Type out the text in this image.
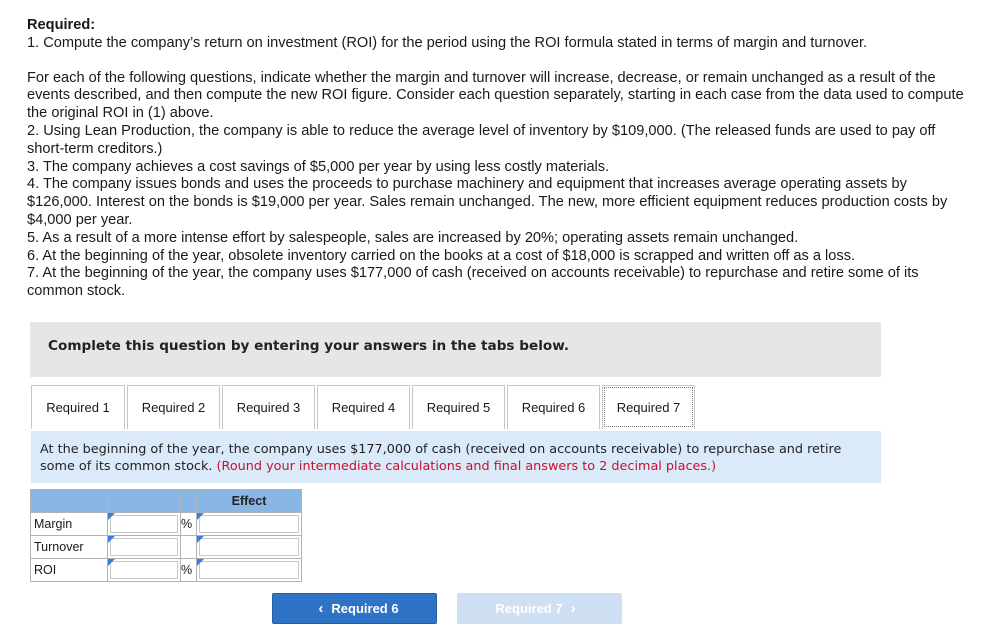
Required:

1. Compute the company’s return on investment (ROI) for the period using the ROI formula stated in terms of margin and turnover.

For each of the following questions, indicate whether the margin and turnover will increase, decrease, or remain unchanged as a result of the events described, and then compute the new ROI figure. Consider each question separately, starting in each case from the data used to compute the original ROI in (1) above.

2. Using Lean Production, the company is able to reduce the average level of inventory by $109,000. (The released funds are used to pay off short-term creditors.)

3. The company achieves a cost savings of $5,000 per year by using less costly materials.

4. The company issues bonds and uses the proceeds to purchase machinery and equipment that increases average operating assets by $126,000. Interest on the bonds is $19,000 per year. Sales remain unchanged. The new, more efficient equipment reduces production costs by $4,000 per year.

5. As a result of a more intense effort by salespeople, sales are increased by 20%; operating assets remain unchanged.

6. At the beginning of the year, obsolete inventory carried on the books at a cost of $18,000 is scrapped and written off as a loss.

7. At the beginning of the year, the company uses $177,000 of cash (received on accounts receivable) to repurchase and retire some of its common stock.

Complete this question by entering your answers in the tabs below.
Required 1	Required 2	Required 3	Required 4	Required 5	Required 6	Required 7
At the beginning of the year, the company uses $177,000 of cash (received on accounts receivable) to repurchase and retire some of its common stock. (Round your intermediate calculations and final answers to 2 decimal places.)
			Effect
Margin		%	

Turnover	

ROI		%	
‹ Required 6	Required 7 ›
